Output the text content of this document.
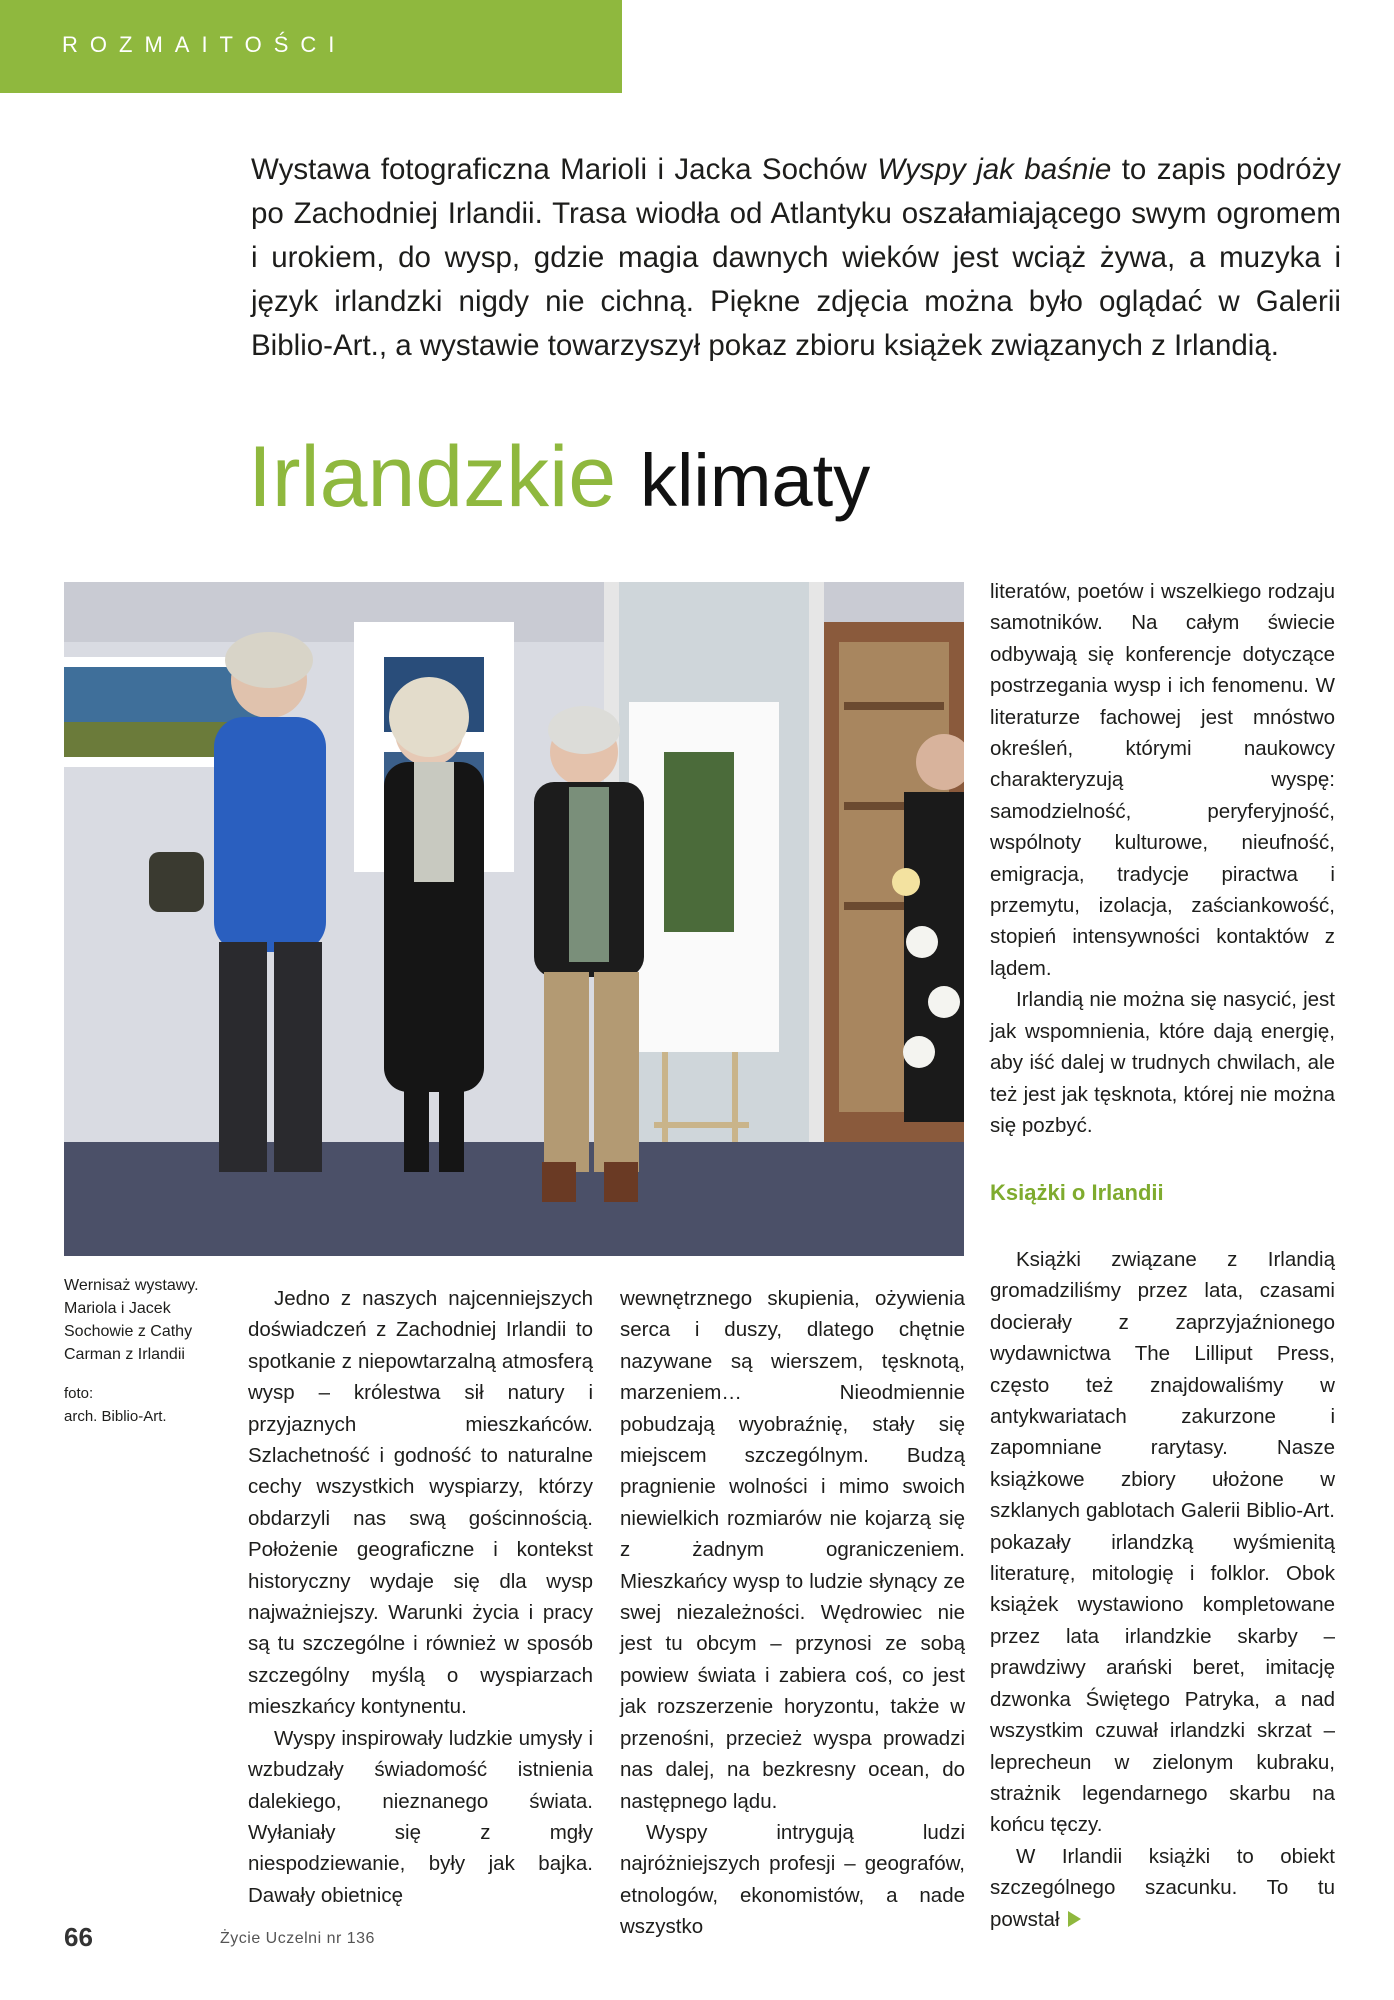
ROZMAITOŚCI

Wystawa fotograficzna Marioli i Jacka Sochów Wyspy jak baśnie to zapis podróży po Zachodniej Irlandii. Trasa wiodła od Atlantyku oszałamiającego swym ogromem i urokiem, do wysp, gdzie magia dawnych wieków jest wciąż żywa, a muzyka i język irlandzki nigdy nie cichną. Piękne zdjęcia można było oglądać w Galerii Biblio-Art., a wystawie towarzyszył pokaz zbioru książek związanych z Irlandią.

Irlandzkie klimaty

Wernisaż wystawy. Mariola i Jacek Sochowie z Cathy Carman z Irlandii

foto:
arch. Biblio-Art.

Jedno z naszych najcenniejszych doświadczeń z Zachodniej Irlandii to spotkanie z niepowtarzalną atmosferą wysp – królestwa sił natury i przyjaznych mieszkańców. Szlachetność i godność to naturalne cechy wszystkich wyspiarzy, którzy obdarzyli nas swą gościnnością. Położenie geograficzne i kontekst historyczny wydaje się dla wysp najważniejszy. Warunki życia i pracy są tu szczególne i również w sposób szczególny myślą o wyspiarzach mieszkańcy kontynentu.

Wyspy inspirowały ludzkie umysły i wzbudzały świadomość istnienia dalekiego, nieznanego świata. Wyłaniały się z mgły niespodziewanie, były jak bajka. Dawały obietnicę

wewnętrznego skupienia, ożywienia serca i duszy, dlatego chętnie nazywane są wierszem, tęsknotą, marzeniem… Nieodmiennie pobudzają wyobraźnię, stały się miejscem szczególnym. Budzą pragnienie wolności i mimo swoich niewielkich rozmiarów nie kojarzą się z żadnym ograniczeniem. Mieszkańcy wysp to ludzie słynący ze swej niezależności. Wędrowiec nie jest tu obcym – przynosi ze sobą powiew świata i zabiera coś, co jest jak rozszerzenie horyzontu, także w przenośni, przecież wyspa prowadzi nas dalej, na bezkresny ocean, do następnego lądu.

Wyspy intrygują ludzi najróżniejszych profesji – geografów, etnologów, ekonomistów, a nade wszystko

literatów, poetów i wszelkiego rodzaju samotników. Na całym świecie odbywają się konferencje dotyczące postrzegania wysp i ich fenomenu. W literaturze fachowej jest mnóstwo określeń, którymi naukowcy charakteryzują wyspę: samodzielność, peryferyjność, wspólnoty kulturowe, nieufność, emigracja, tradycje piractwa i przemytu, izolacja, zaściankowość, stopień intensywności kontaktów z lądem.

Irlandią nie można się nasycić, jest jak wspomnienia, które dają energię, aby iść dalej w trudnych chwilach, ale też jest jak tęsknota, której nie można się pozbyć.

Książki o Irlandii

Książki związane z Irlandią gromadziliśmy przez lata, czasami docierały z zaprzyjaźnionego wydawnictwa The Lilliput Press, często też znajdowaliśmy w antykwariatach zakurzone i zapomniane rarytasy. Nasze książkowe zbiory ułożone w szklanych gablotach Galerii Biblio-Art. pokazały irlandzką wyśmienitą literaturę, mitologię i folklor. Obok książek wystawiono kompletowane przez lata irlandzkie skarby – prawdziwy arański beret, imitację dzwonka Świętego Patryka, a nad wszystkim czuwał irlandzki skrzat – leprecheun w zielonym kubraku, strażnik legendarnego skarbu na końcu tęczy.

W Irlandii książki to obiekt szczególnego szacunku. To tu powstał

66	Życie Uczelni nr 136
